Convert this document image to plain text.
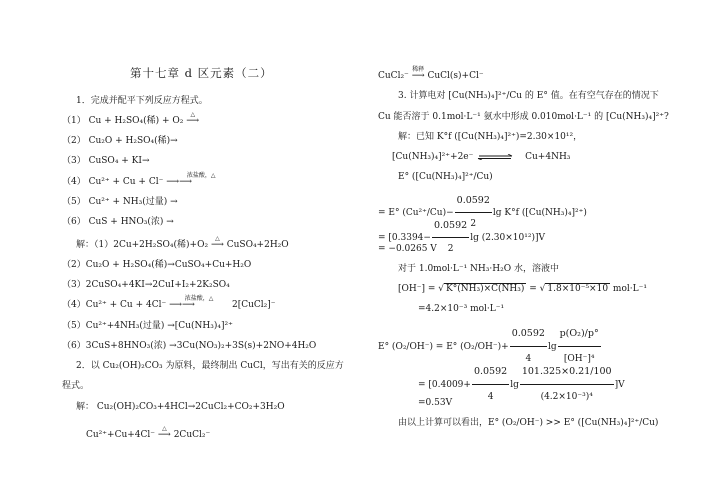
第十七章 d 区元素（二）
1．完成并配平下列反应方程式。
（1） Cu + H₂SO₄(稀) + O₂
△
⟶
（2） Cu₂O + H₂SO₄(稀)→
（3） CuSO₄ + KI→
（4） Cu²⁺ + Cu + Cl⁻
浓盐酸，△
⟶⟶
（5） Cu²⁺ + NH₃(过量) →
（6） CuS + HNO₃(浓) →
解：（1）2Cu+2H₂SO₄(稀)+O₂
△
⟶ CuSO₄+2H₂O
（2）Cu₂O + H₂SO₄(稀)→CuSO₄+Cu+H₂O
（3）2CuSO₄+4KI→2CuI+I₂+2K₂SO₄
（4）Cu²⁺ + Cu + 4Cl⁻
浓盐酸，△
⟶⟶	2[CuCl₂]⁻
（5）Cu²⁺+4NH₃(过量) →[Cu(NH₃)₄]²⁺
（6）3CuS+8HNO₃(浓) →3Cu(NO₃)₂+3S(s)+2NO+4H₂O
2．以 Cu₂(OH)₂CO₃ 为原料，最终制出 CuCl，写出有关的反应方
程式。
解： Cu₂(OH)₂CO₃+4HCl→2CuCl₂+CO₂+3H₂O
Cu²⁺+Cu+4Cl⁻
△
⟶ 2CuCl₂⁻
CuCl₂⁻
稀释
⟶ CuCl(s)+Cl⁻
3. 计算电对 [Cu(NH₃)₄]²⁺/Cu 的 E° 值。在有空气存在的情况下
Cu 能否溶于 0.1mol·L⁻¹ 氨水中形成 0.010mol·L⁻¹ 的 [Cu(NH₃)₄]²⁺?
解：已知 K°f ([Cu(NH₃)₄]²⁺)=2.30×10¹²，
[Cu(NH₃)₄]²⁺+2e⁻	Cu+4NH₃
E° ([Cu(NH₃)₄]²⁺/Cu)
= E° $(Cu^{2+}/Cu)- \frac{0.0592}{2}$ lg K°f ([Cu(NH₃)₄]²⁺)
= [$0.3394- \frac{0.0592}{2}$ lg (2.30×10¹²)]V
= −0.0265 V
对于 1.0mol·L⁻¹ NH₃·H₂O 水，溶液中
[OH⁻] = √ K°(NH₃)×C(NH₃) = √ 1.8×10⁻⁵×10 mol·L⁻¹
=4.2×10⁻³ mol·L⁻¹
E° (O₂/OH⁻) = E° $(O_2/OH^-)+ \frac{0.0592}{4}$ $\lg \frac{\text{p(O₂)/p°}}{\text{[OH⁻]⁴}}$
= [$0.4009+ \frac{0.0592}{4}$ $\lg \frac{101.325\times 0.21/100}{\text{(4.2×10⁻³)⁴}} ]V$
=0.53V
由以上计算可以看出，E° (O₂/OH⁻) >> E° ([Cu(NH₃)₄]²⁺/Cu)
